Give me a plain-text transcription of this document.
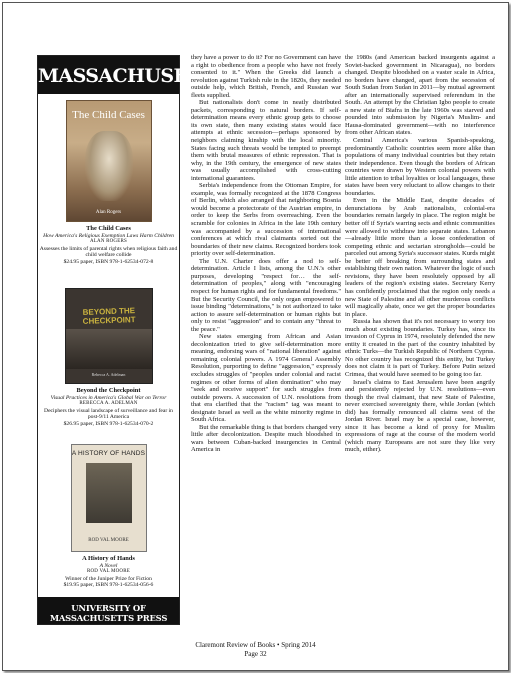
MASSACHUSETTS
The Child Cases
Alan Rogers
The Child Cases
How America's Religious Exemption Laws Harm Children
ALAN ROGERS
Assesses the limits of parental rights when religious faith and child welfare collide
$24.95 paper, ISBN 978-1-62534-072-8
BEYOND THE CHECKPOINT
Rebecca A. Adelman
Beyond the Checkpoint
Visual Practices in America's Global War on Terror
REBECCA A. ADELMAN
Deciphers the visual landscape of surveillance and fear in post-9/11 America
$26.95 paper, ISBN 978-1-62534-070-2
A HISTORY OF HANDS
ROD VAL MOORE
A History of Hands
A Novel
ROD VAL MOORE
Winner of the Juniper Prize for Fiction
$19.95 paper, ISBN 978-1-62534-056-6
UNIVERSITY OF MASSACHUSETTS PRESS
Amherst & Boston www.umass.edu/umpress 1-800-537-5487

they have a power to do it? For no Government can have a right to obedience from a people who have not freely consented to it." When the Greeks did launch a revolution against Turkish rule in the 1820s, they needed outside help, which British, French, and Russian war fleets supplied.

But nationalists don't come in neatly distributed packets, corresponding to natural borders. If self-determination means every ethnic group gets to choose its own state, then many existing states would face attempts at ethnic secession—perhaps sponsored by neighbors claiming kinship with the local minority. States facing such threats would be tempted to preempt them with brutal measures of ethnic repression. That is why, in the 19th century, the emergence of new states was usually accomplished with cross-cutting international guarantees.

Serbia's independence from the Ottoman Empire, for example, was formally recognized at the 1878 Congress of Berlin, which also arranged that neighboring Bosnia would become a protectorate of the Austrian empire, in order to keep the Serbs from overreaching. Even the scramble for colonies in Africa in the late 19th century was accompanied by a succession of international conferences at which rival claimants sorted out the boundaries of their new claims. Recognized borders took priority over self-determination.

The U.N. Charter does offer a nod to self-determination. Article I lists, among the U.N.'s other purposes, developing "respect for… the self-determination of peoples," along with "encouraging respect for human rights and for fundamental freedoms." But the Security Council, the only organ empowered to issue binding "determinations," is not authorized to take action to assure self-determination or human rights but only to resist "aggression" and to contain any "threat to the peace."

New states emerging from African and Asian decolonization tried to give self-determination more meaning, endorsing wars of "national liberation" against remaining colonial powers. A 1974 General Assembly Resolution, purporting to define "aggression," expressly excludes struggles of "peoples under colonial and racist regimes or other forms of alien domination" who may "seek and receive support" for such struggles from outside powers. A succession of U.N. resolutions from that era clarified that the "racism" tag was meant to designate Israel as well as the white minority regime in South Africa.

But the remarkable thing is that borders changed very little after decolonization. Despite much bloodshed in wars between Cuban-backed insurgencies in Central America in

the 1980s (and American backed insurgents against a Soviet-backed government in Nicaragua), no borders changed. Despite bloodshed on a vaster scale in Africa, no borders have changed, apart from the secession of South Sudan from Sudan in 2011—by mutual agreement after an internationally supervised referendum in the South. An attempt by the Christian Igbo people to create a new state of Biafra in the late 1960s was starved and pounded into submission by Nigeria's Muslim- and Hausa-dominated government—with no interference from other African states.

Central America's various Spanish-speaking, predominantly Catholic countries seem more alike than populations of many individual countries but they retain their independence. Even though the borders of African countries were drawn by Western colonial powers with little attention to tribal loyalties or local languages, these states have been very reluctant to allow changes to their boundaries.

Even in the Middle East, despite decades of denunciations by Arab nationalists, colonial-era boundaries remain largely in place. The region might be better off if Syria's warring sects and ethnic communities were allowed to withdraw into separate states. Lebanon—already little more than a loose confederation of competing ethnic and sectarian strongholds—could be parceled out among Syria's successor states. Kurds might be better off breaking from surrounding states and establishing their own nation. Whatever the logic of such revisions, they have been resolutely opposed by all leaders of the region's existing states. Secretary Kerry has confidently proclaimed that the region only needs a new State of Palestine and all other murderous conflicts will magically abate, once we get the proper boundaries in place.

Russia has shown that it's not necessary to worry too much about existing boundaries. Turkey has, since its invasion of Cyprus in 1974, resolutely defended the new entity it created in the part of the country inhabited by ethnic Turks—the Turkish Republic of Northern Cyprus. No other country has recognized this entity, but Turkey does not claim it is part of Turkey. Before Putin seized Crimea, that would have seemed to be going too far.

Israel's claims to East Jerusalem have been angrily and persistently rejected by U.N. resolutions—even though the rival claimant, that new State of Palestine, never exercised sovereignty there, while Jordan (which did) has formally renounced all claims west of the Jordan River. Israel may be a special case, however, since it has become a kind of proxy for Muslim expressions of rage at the course of the modern world (which many Europeans are not sure they like very much, either).

Claremont Review of Books • Spring 2014
Page 32
